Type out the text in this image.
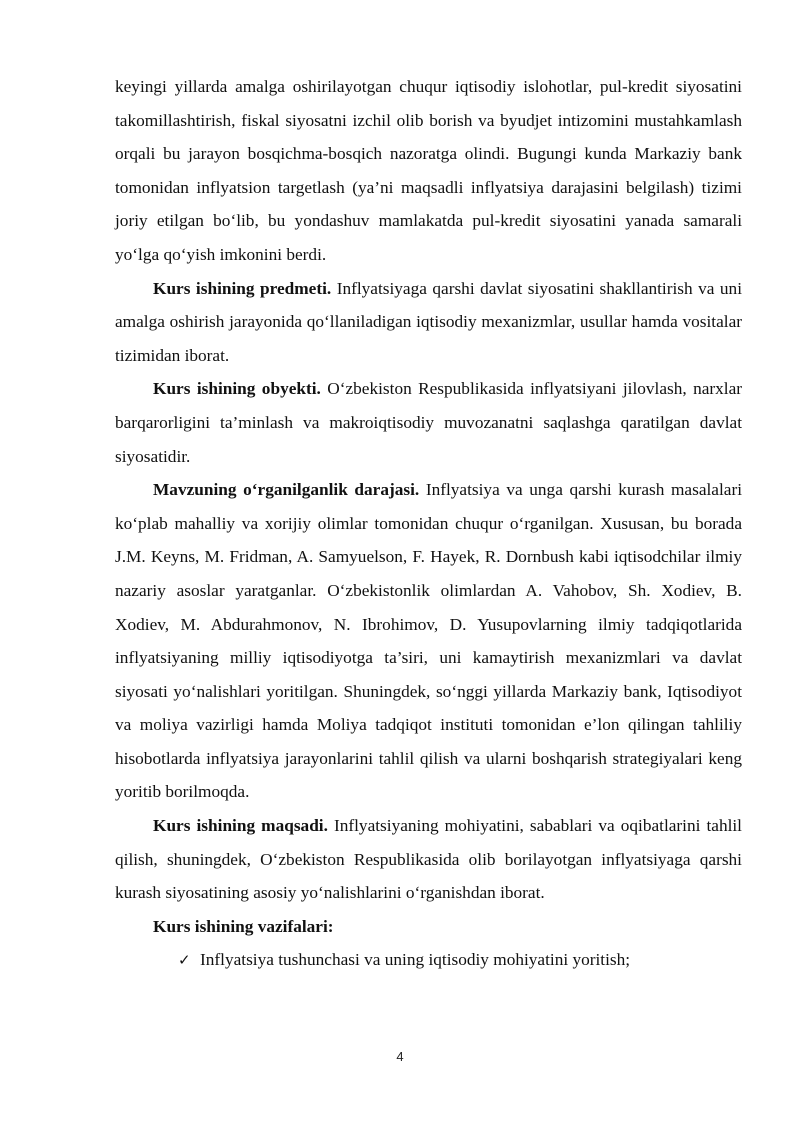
keyingi yillarda amalga oshirilayotgan chuqur iqtisodiy islohotlar, pul-kredit siyosatini takomillashtirish, fiskal siyosatni izchil olib borish va byudjet intizomini mustahkamlash orqali bu jarayon bosqichma-bosqich nazoratga olindi. Bugungi kunda Markaziy bank tomonidan inflyatsion targetlash (ya’ni maqsadli inflyatsiya darajasini belgilash) tizimi joriy etilgan bo‘lib, bu yondashuv mamlakatda pul-kredit siyosatini yanada samarali yo‘lga qo‘yish imkonini berdi.

Kurs ishining predmeti. Inflyatsiyaga qarshi davlat siyosatini shakllantirish va uni amalga oshirish jarayonida qo‘llaniladigan iqtisodiy mexanizmlar, usullar hamda vositalar tizimidan iborat.

Kurs ishining obyekti. O‘zbekiston Respublikasida inflyatsiyani jilovlash, narxlar barqarorligini ta’minlash va makroiqtisodiy muvozanatni saqlashga qaratilgan davlat siyosatidir.

Mavzuning o‘rganilganlik darajasi. Inflyatsiya va unga qarshi kurash masalalari ko‘plab mahalliy va xorijiy olimlar tomonidan chuqur o‘rganilgan. Xususan, bu borada J.M. Keyns, M. Fridman, A. Samyuelson, F. Hayek, R. Dornbush kabi iqtisodchilar ilmiy nazariy asoslar yaratganlar. O‘zbekistonlik olimlardan A. Vahobov, Sh. Xodiev, B. Xodiev, M. Abdurahmonov, N. Ibrohimov, D. Yusupovlarning ilmiy tadqiqotlarida inflyatsiyaning milliy iqtisodiyotga ta’siri, uni kamaytirish mexanizmlari va davlat siyosati yo‘nalishlari yoritilgan. Shuningdek, so‘nggi yillarda Markaziy bank, Iqtisodiyot va moliya vazirligi hamda Moliya tadqiqot instituti tomonidan e’lon qilingan tahliliy hisobotlarda inflyatsiya jarayonlarini tahlil qilish va ularni boshqarish strategiyalari keng yoritib borilmoqda.

Kurs ishining maqsadi. Inflyatsiyaning mohiyatini, sabablari va oqibatlarini tahlil qilish, shuningdek, O‘zbekiston Respublikasida olib borilayotgan inflyatsiyaga qarshi kurash siyosatining asosiy yo‘nalishlarini o‘rganishdan iborat.

Kurs ishining vazifalari:

✓ Inflyatsiya tushunchasi va uning iqtisodiy mohiyatini yoritish;
4
